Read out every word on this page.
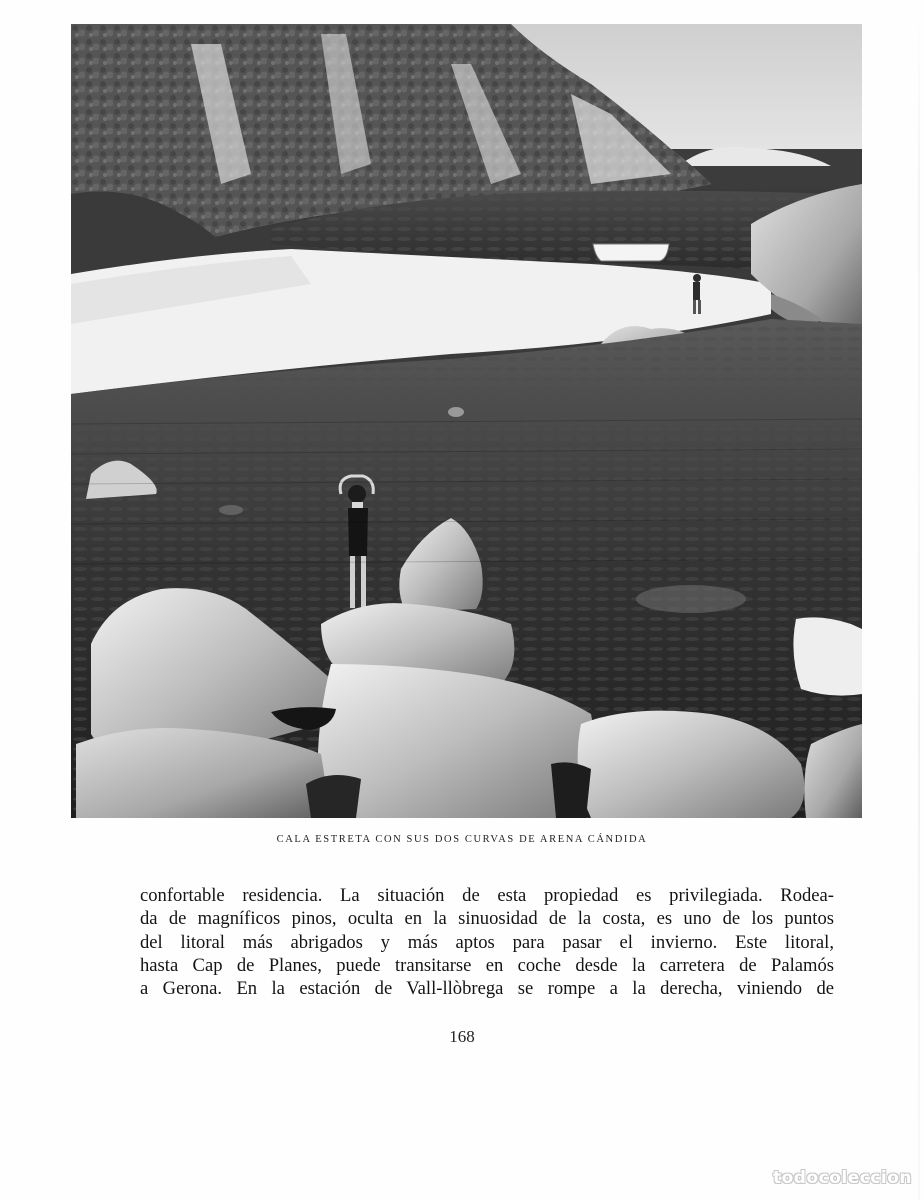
CALA ESTRETA CON SUS DOS CURVAS DE ARENA CÁNDIDA
confortable residencia. La situación de esta propiedad es privilegiada. Rodea-
da de magníficos pinos, oculta en la sinuosidad de la costa, es uno de los puntos
del litoral más abrigados y más aptos para pasar el invierno. Este litoral,
hasta Cap de Planes, puede transitarse en coche desde la carretera de Palamós
a Gerona. En la estación de Vall-llòbrega se rompe a la derecha, viniendo de
168
todocoleccion
